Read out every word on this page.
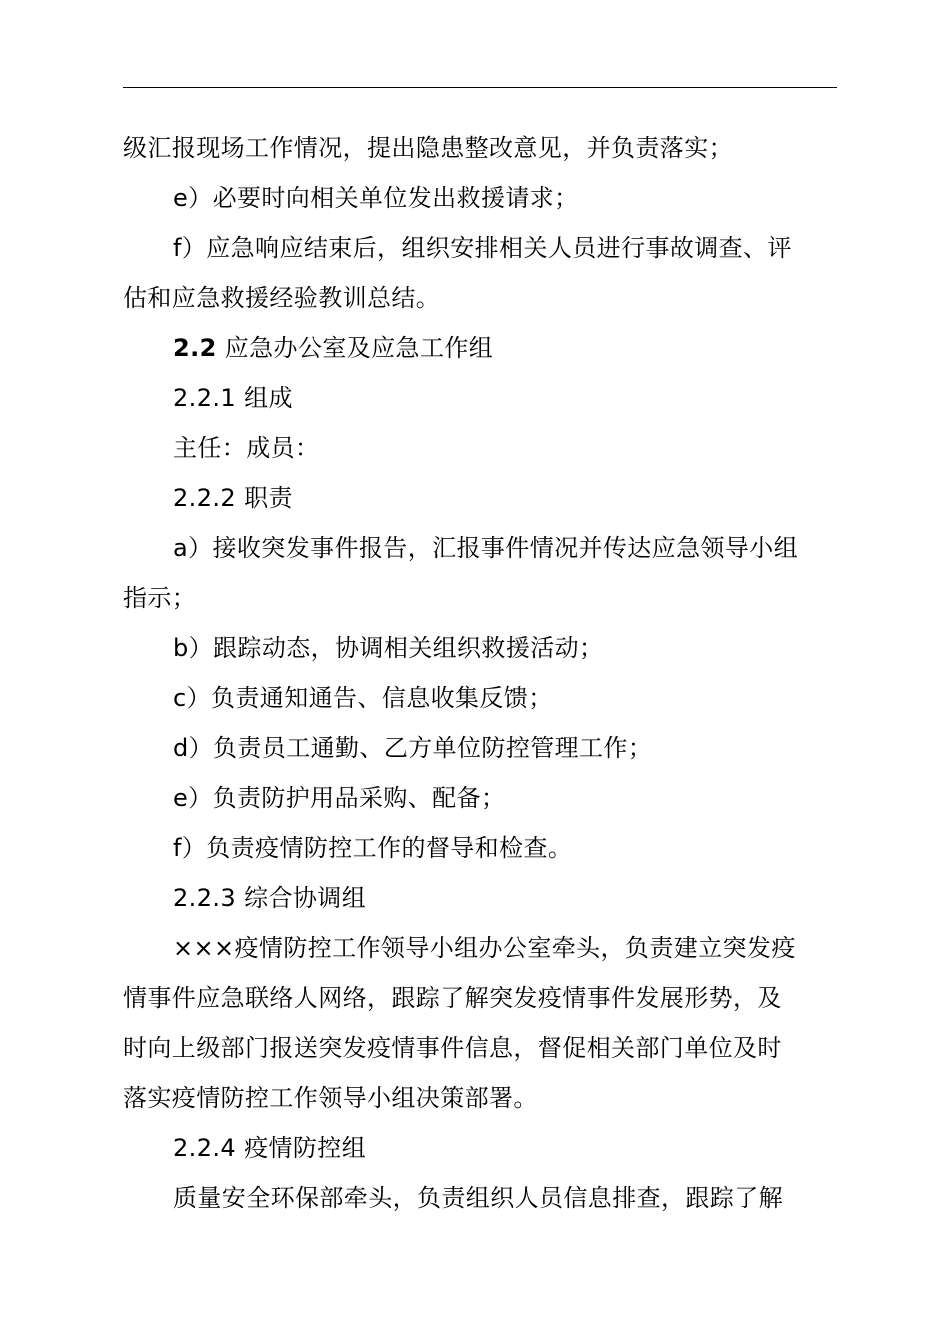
级汇报现场工作情况，提出隐患整改意见，并负责落实；
e）必要时向相关单位发出救援请求；
f）应急响应结束后，组织安排相关人员进行事故调查、评
估和应急救援经验教训总结。
2.2 应急办公室及应急工作组
2.2.1 组成
主任：成员：
2.2.2 职责
a）接收突发事件报告，汇报事件情况并传达应急领导小组
指示；
b）跟踪动态，协调相关组织救援活动；
c）负责通知通告、信息收集反馈；
d）负责员工通勤、乙方单位防控管理工作；
e）负责防护用品采购、配备；
f）负责疫情防控工作的督导和检查。
2.2.3 综合协调组
×××疫情防控工作领导小组办公室牵头，负责建立突发疫
情事件应急联络人网络，跟踪了解突发疫情事件发展形势，及
时向上级部门报送突发疫情事件信息，督促相关部门单位及时
落实疫情防控工作领导小组决策部署。
2.2.4 疫情防控组
质量安全环保部牵头，负责组织人员信息排查，跟踪了解
